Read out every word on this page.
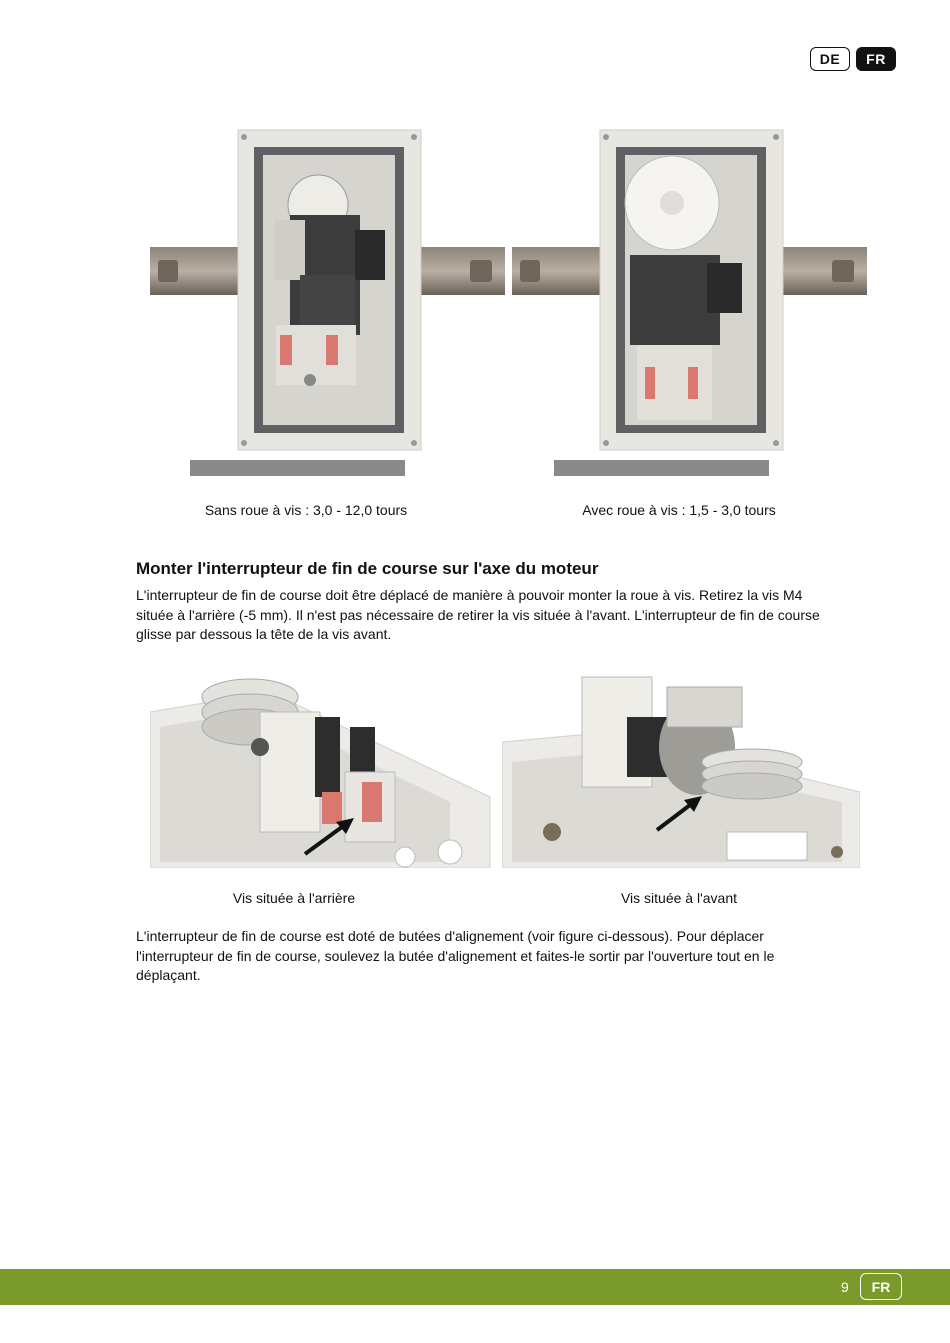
DE	FR
Sans roue à vis : 3,0 - 12,0 tours	Avec roue à vis : 1,5 - 3,0 tours
Monter l'interrupteur de fin de course sur l'axe du moteur

L'interrupteur de fin de course doit être déplacé de manière à pouvoir monter la roue à vis. Retirez la vis M4 située à l'arrière (-5 mm). Il n'est pas nécessaire de retirer la vis située à l'avant. L'interrupteur de fin de course glisse par dessous la tête de la vis avant.

Vis située à l'arrière	Vis située à l'avant

L'interrupteur de fin de course est doté de butées d'alignement (voir figure ci-dessous). Pour déplacer l'interrupteur de fin de course, soulevez la butée d'alignement et faites-le sortir par l'ouverture tout en le déplaçant.

9	FR
